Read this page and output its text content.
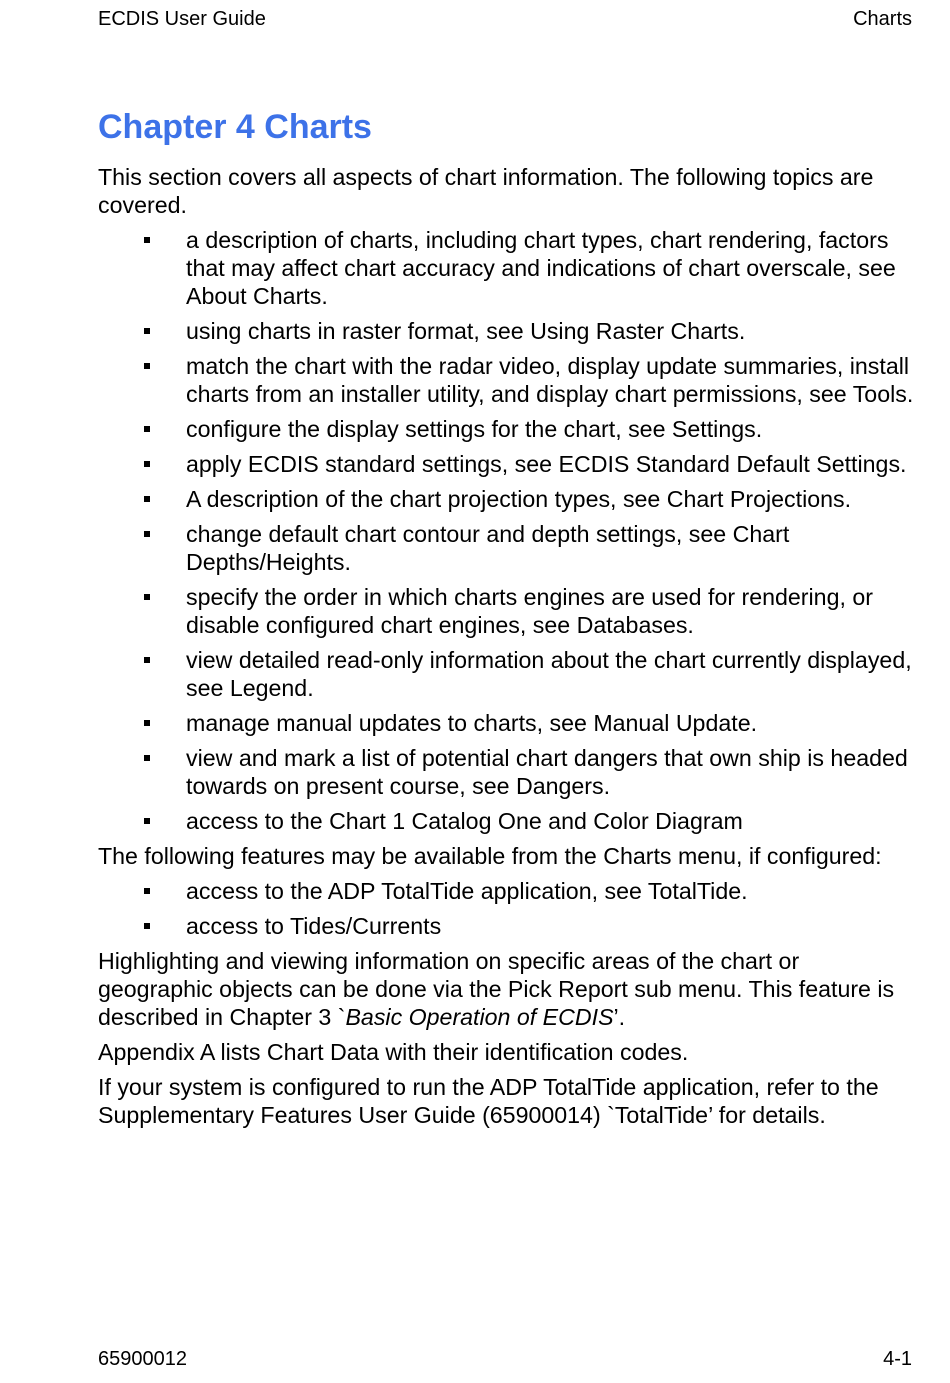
ECDIS User Guide	Charts
Chapter 4 Charts

This section covers all aspects of chart information. The following topics are covered.

a description of charts, including chart types, chart rendering, factors that may affect chart accuracy and indications of chart overscale, see About Charts.
using charts in raster format, see Using Raster Charts.
match the chart with the radar video, display update summaries, install charts from an installer utility, and display chart permissions, see Tools.
configure the display settings for the chart, see Settings.
apply ECDIS standard settings, see ECDIS Standard Default Settings.
A description of the chart projection types, see Chart Projections.
change default chart contour and depth settings, see Chart Depths/Heights.
specify the order in which charts engines are used for rendering, or disable configured chart engines, see Databases.
view detailed read-only information about the chart currently displayed, see Legend.
manage manual updates to charts, see Manual Update.
view and mark a list of potential chart dangers that own ship is headed towards on present course, see Dangers.
access to the Chart 1 Catalog One and Color Diagram

The following features may be available from the Charts menu, if configured:

access to the ADP TotalTide application, see TotalTide.
access to Tides/Currents

Highlighting and viewing information on specific areas of the chart or geographic objects can be done via the Pick Report sub menu. This feature is described in Chapter 3 `Basic Operation of ECDIS’.

Appendix A lists Chart Data with their identification codes.

If your system is configured to run the ADP TotalTide application, refer to the Supplementary Features User Guide (65900014) `TotalTide’ for details.

65900012	4-1
